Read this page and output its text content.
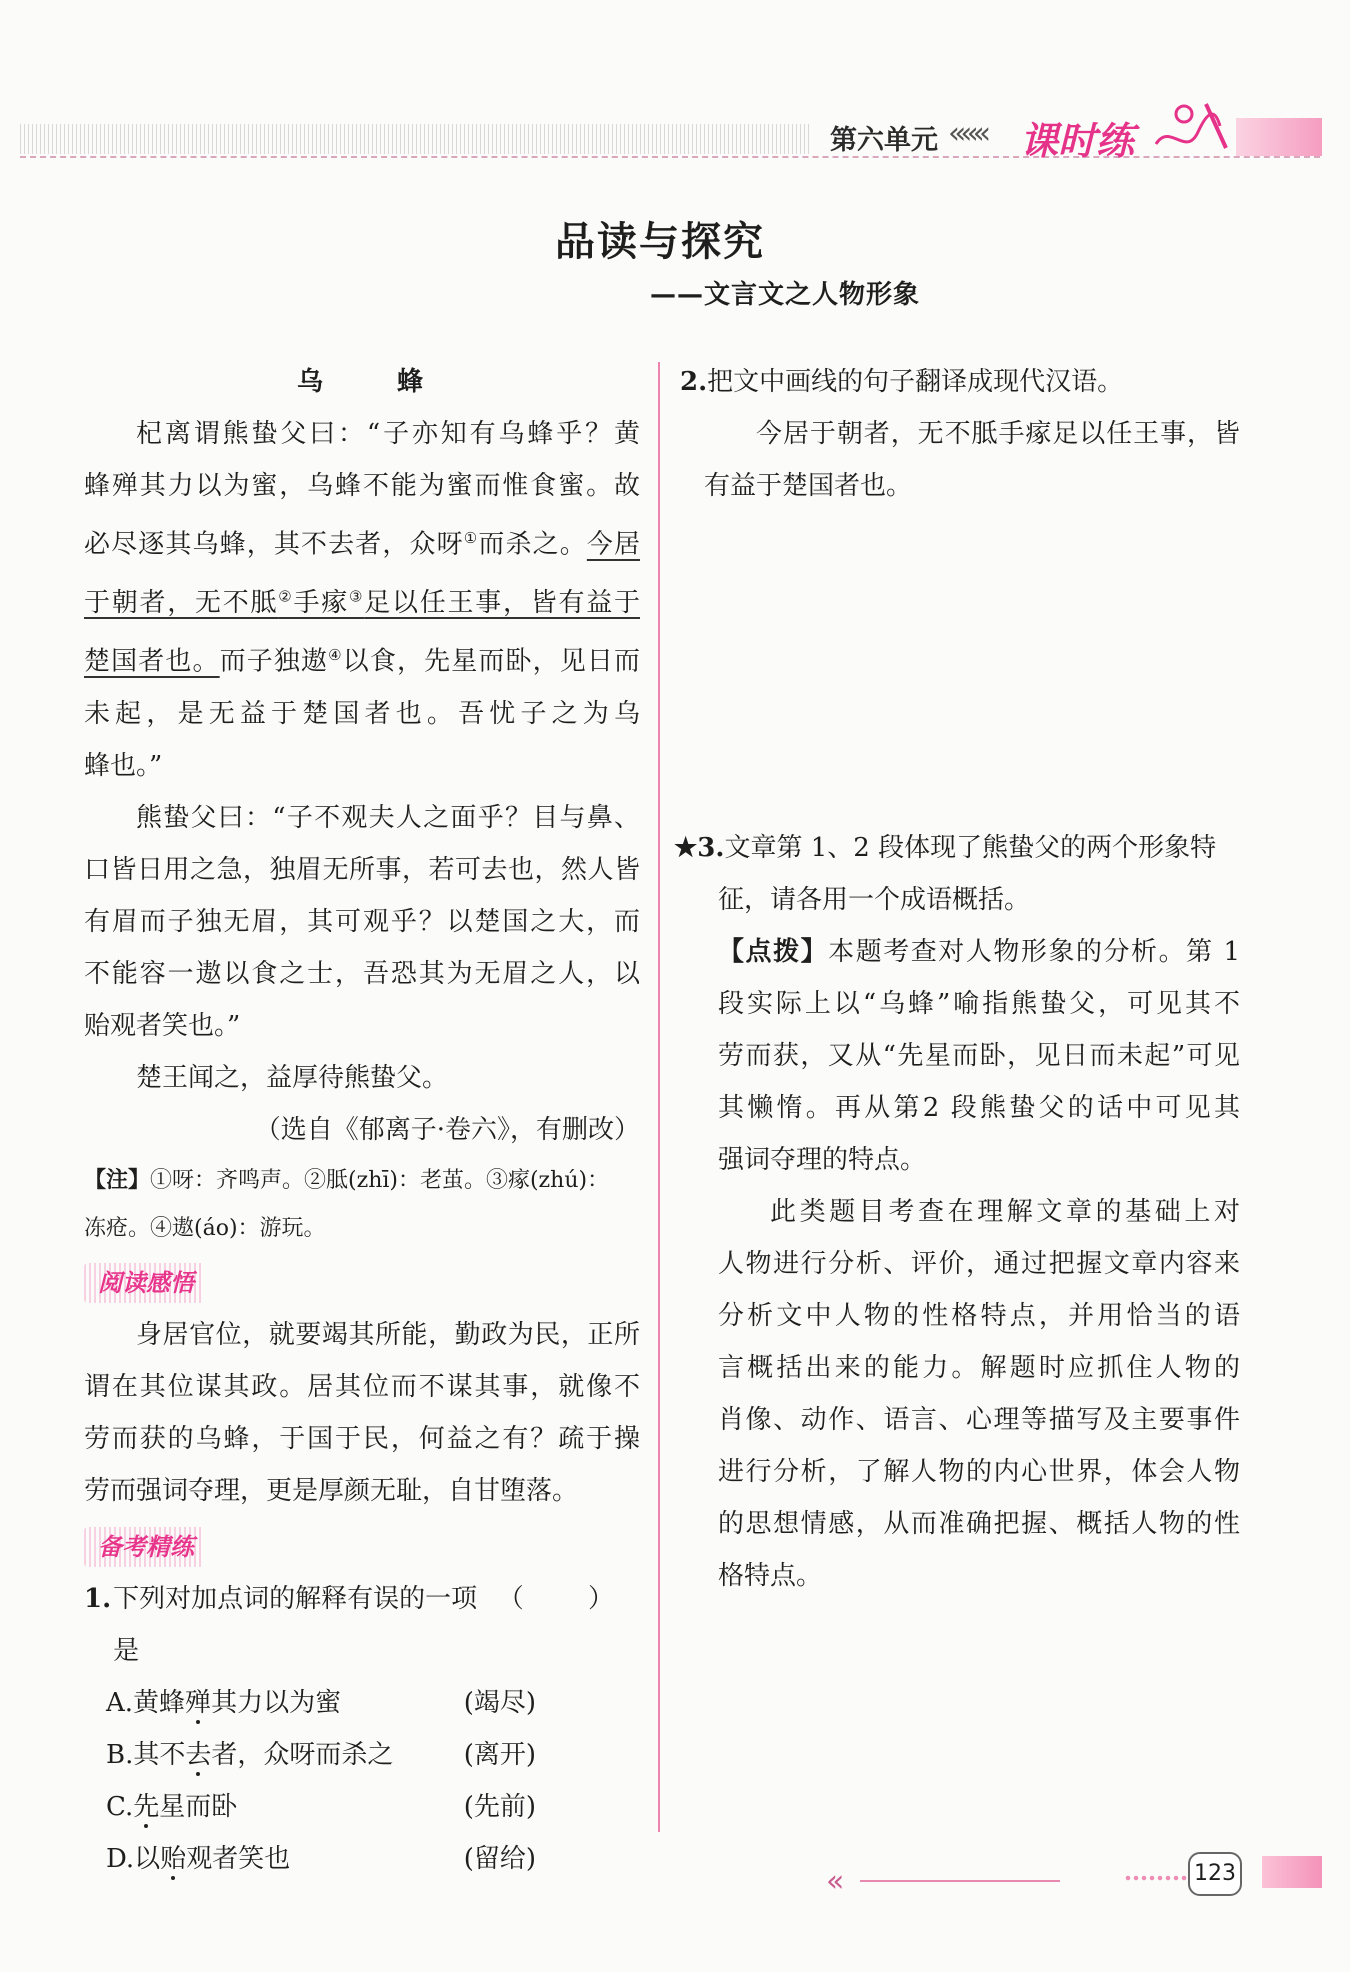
第六单元 ««« 课时练
品读与探究
——文言文之人物形象

乌　蜂

杞离谓熊蛰父曰：“子亦知有乌蜂乎？黄

蜂殚其力以为蜜，乌蜂不能为蜜而惟食蜜。故

必尽逐其乌蜂，其不去者，众呀①而杀之。今居

于朝者，无不胝②手瘃③足以任王事，皆有益于

楚国者也。而子独遨④以食，先星而卧，见日而

未起，是无益于楚国者也。吾忧子之为乌

蜂也。”

熊蛰父曰：“子不观夫人之面乎？目与鼻、

口皆日用之急，独眉无所事，若可去也，然人皆

有眉而子独无眉，其可观乎？以楚国之大，而

不能容一遨以食之士，吾恐其为无眉之人，以

贻观者笑也。”

楚王闻之，益厚待熊蛰父。

（选自《郁离子·卷六》，有删改）

【注】①呀：齐鸣声。②胝(zhī)：老茧。③瘃(zhú)：

冻疮。④遨(áo)：游玩。

阅读感悟

身居官位，就要竭其所能，勤政为民，正所

谓在其位谋其政。居其位而不谋其事，就像不

劳而获的乌蜂，于国于民，何益之有？疏于操

劳而强词夺理，更是厚颜无耻，自甘堕落。

备考精练
1. 下列对加点词的解释有误的一项是
（ ）
A.黄蜂殚其力以为蜜	(竭尽)
B.其不去者，众呀而杀之	(离开)
C.先星而卧	(先前)
D.以贻观者笑也	(留给)

2.把文中画线的句子翻译成现代汉语。

今居于朝者，无不胝手瘃足以任王事，皆

有益于楚国者也。

★3.文章第 1、2 段体现了熊蛰父的两个形象特

征，请各用一个成语概括。

【点拨】本题考查对人物形象的分析。第 1

段实际上以“乌蜂”喻指熊蛰父，可见其不

劳而获，又从“先星而卧，见日而未起”可见

其懒惰。再从第2 段熊蛰父的话中可见其

强词夺理的特点。

此类题目考查在理解文章的基础上对

人物进行分析、评价，通过把握文章内容来

分析文中人物的性格特点，并用恰当的语

言概括出来的能力。解题时应抓住人物的

肖像、动作、语言、心理等描写及主要事件

进行分析，了解人物的内心世界，体会人物

的思想情感，从而准确把握、概括人物的性

格特点。

«	123
